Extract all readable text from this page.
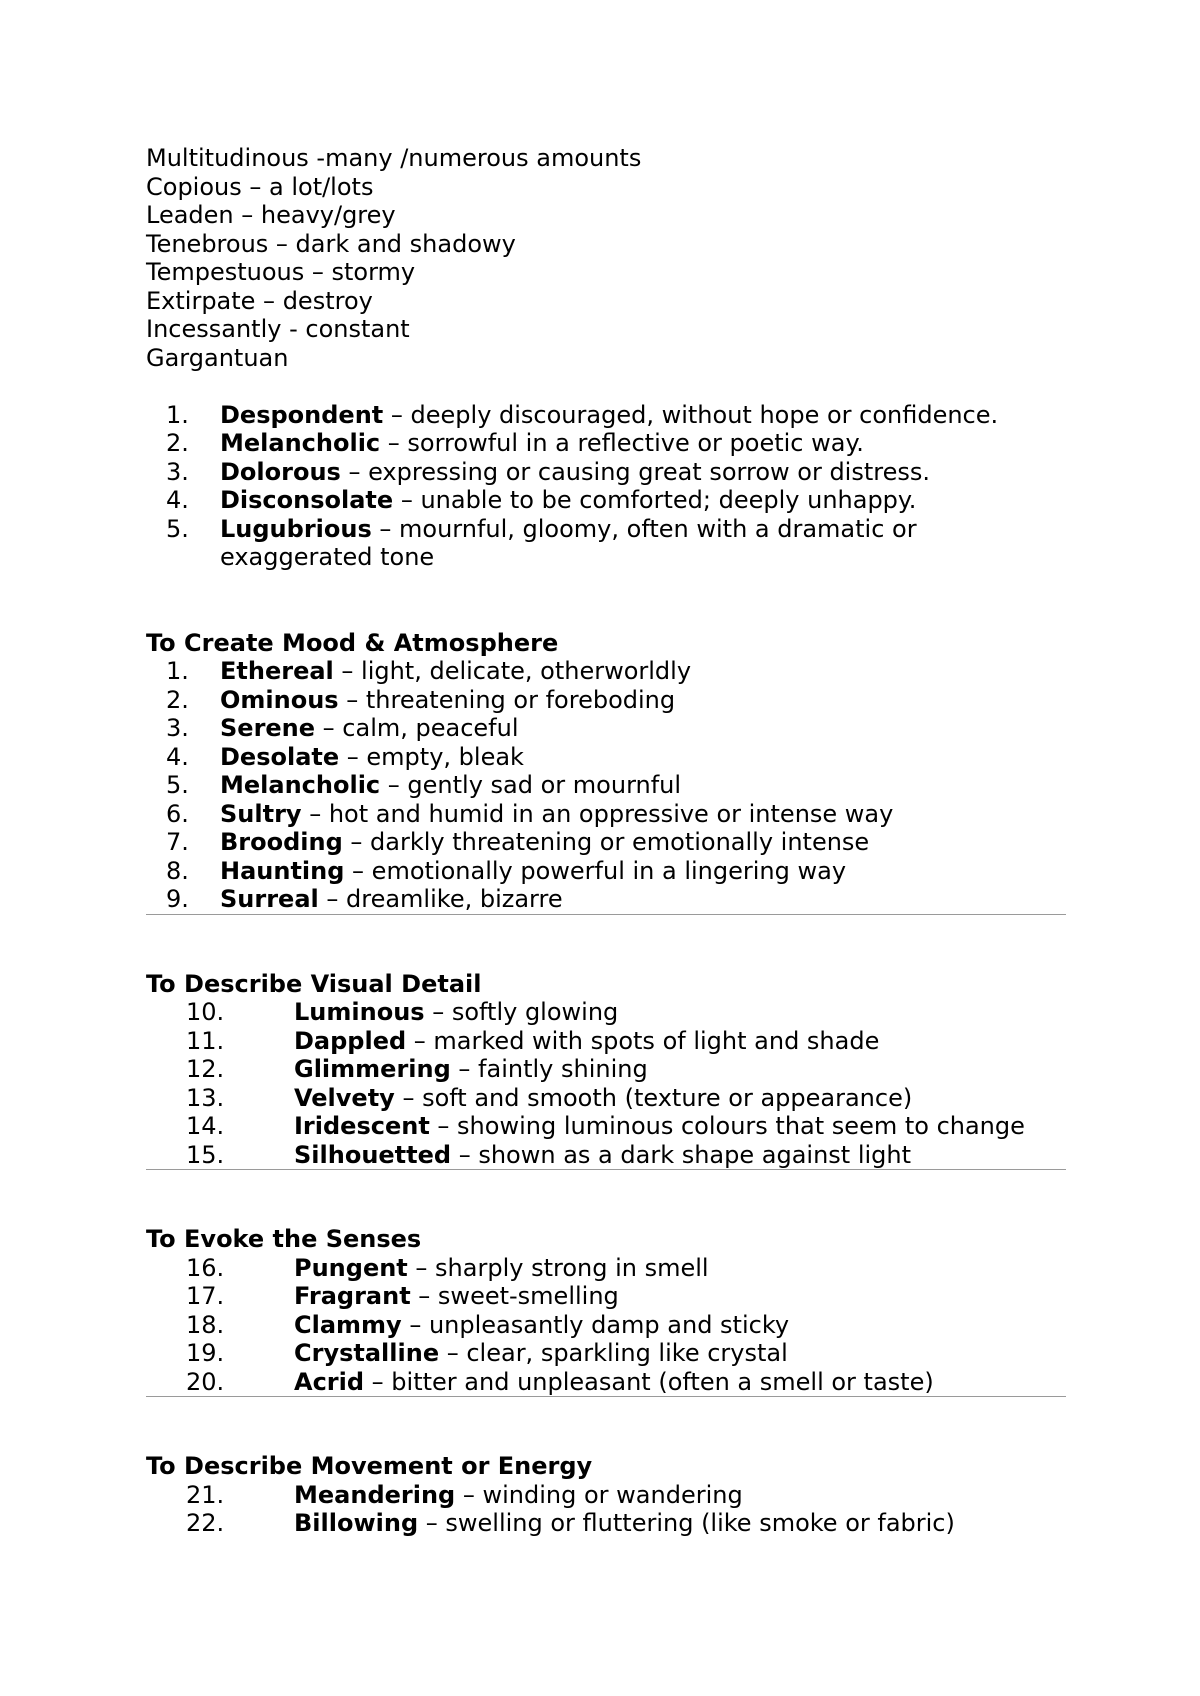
Multitudinous -many /numerous amounts
Copious – a lot/lots
Leaden – heavy/grey
Tenebrous – dark and shadowy
Tempestuous – stormy
Extirpate – destroy
Incessantly - constant
Gargantuan
1.	Despondent – deeply discouraged, without hope or confidence.
2.	Melancholic – sorrowful in a reflective or poetic way.
3.	Dolorous – expressing or causing great sorrow or distress.
4.	Disconsolate – unable to be comforted; deeply unhappy.
5.	Lugubrious – mournful, gloomy, often with a dramatic or
exaggerated tone
To Create Mood & Atmosphere
1.	Ethereal – light, delicate, otherworldly
2.	Ominous – threatening or foreboding
3.	Serene – calm, peaceful
4.	Desolate – empty, bleak
5.	Melancholic – gently sad or mournful
6.	Sultry – hot and humid in an oppressive or intense way
7.	Brooding – darkly threatening or emotionally intense
8.	Haunting – emotionally powerful in a lingering way
9.	Surreal – dreamlike, bizarre
To Describe Visual Detail
10.	Luminous – softly glowing
11.	Dappled – marked with spots of light and shade
12.	Glimmering – faintly shining
13.	Velvety – soft and smooth (texture or appearance)
14.	Iridescent – showing luminous colours that seem to change
15.	Silhouetted – shown as a dark shape against light
To Evoke the Senses
16.	Pungent – sharply strong in smell
17.	Fragrant – sweet-smelling
18.	Clammy – unpleasantly damp and sticky
19.	Crystalline – clear, sparkling like crystal
20.	Acrid – bitter and unpleasant (often a smell or taste)
To Describe Movement or Energy
21.	Meandering – winding or wandering
22.	Billowing – swelling or fluttering (like smoke or fabric)
